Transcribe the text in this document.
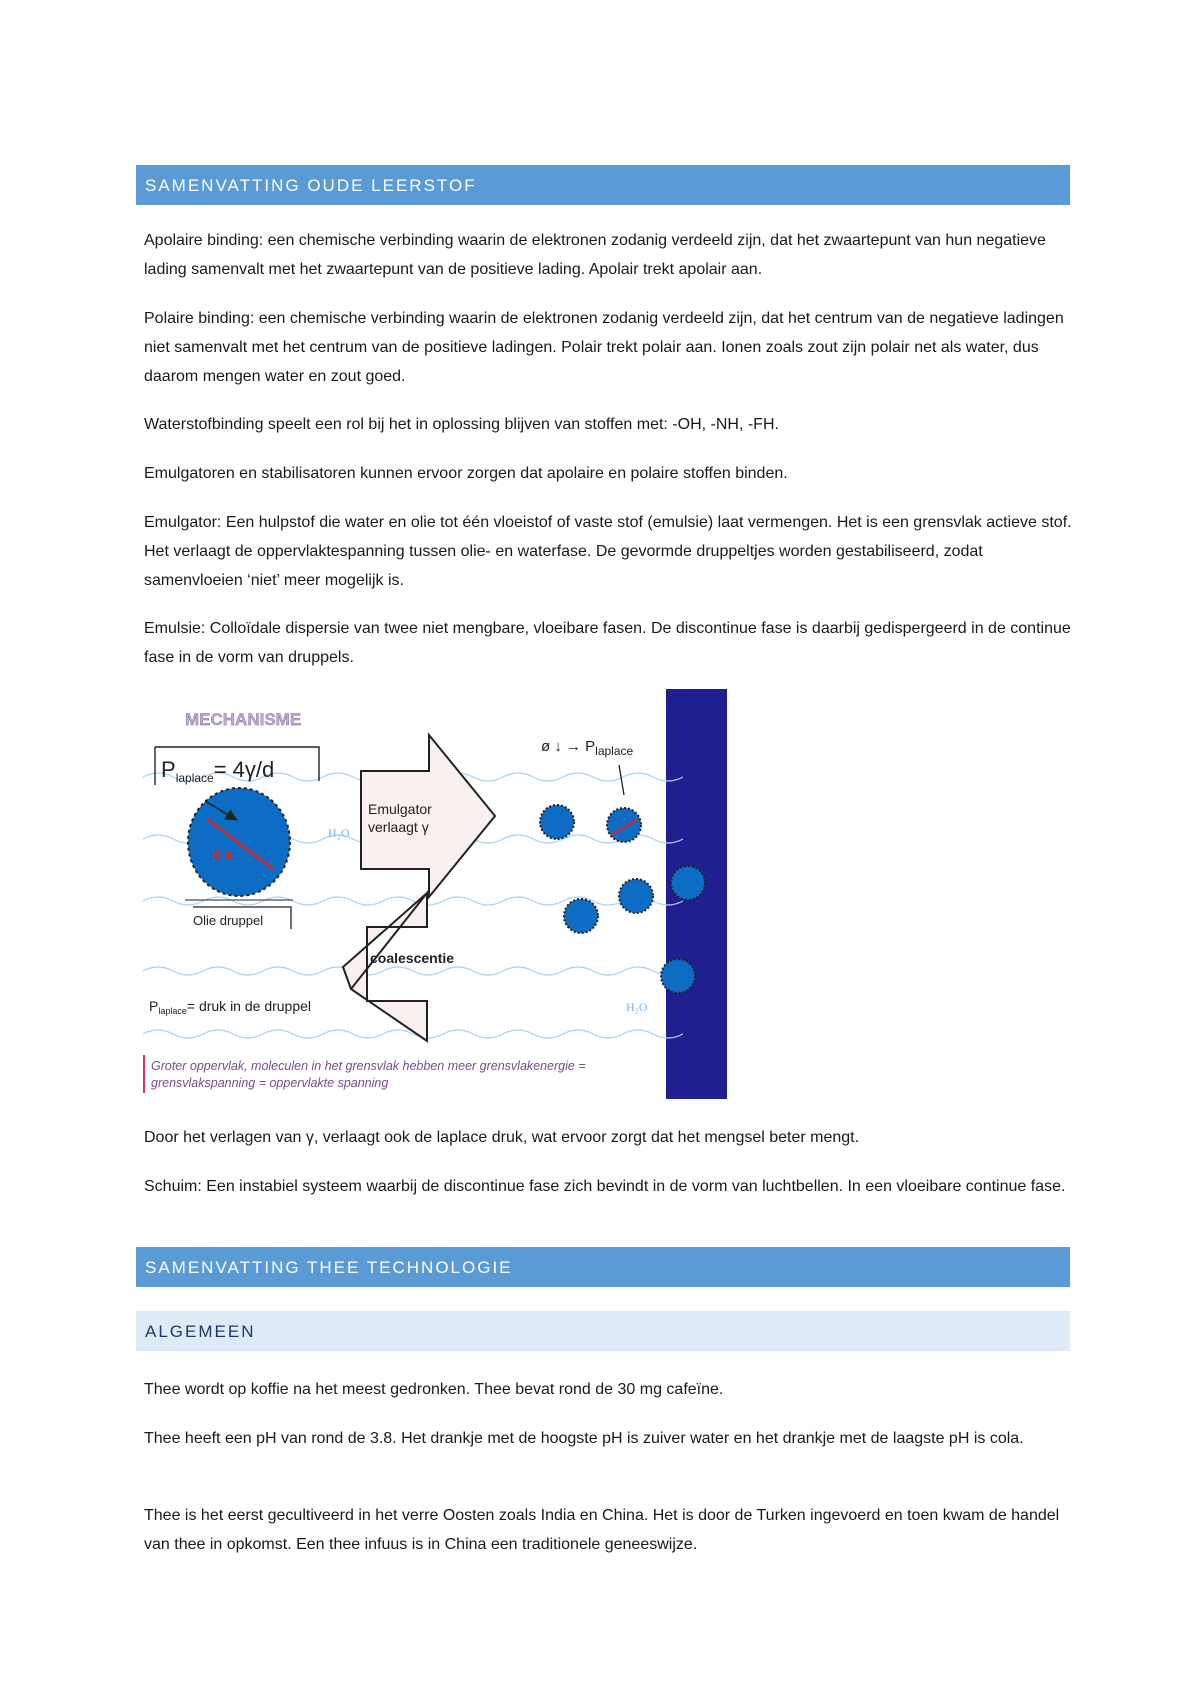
SAMENVATTING OUDE LEERSTOF

Apolaire binding: een chemische verbinding waarin de elektronen zodanig verdeeld zijn, dat het zwaartepunt van hun negatieve lading samenvalt met het zwaartepunt van de positieve lading. Apolair trekt apolair aan.

Polaire binding: een chemische verbinding waarin de elektronen zodanig verdeeld zijn, dat het centrum van de negatieve ladingen niet samenvalt met het centrum van de positieve ladingen. Polair trekt polair aan. Ionen zoals zout zijn polair net als water, dus daarom mengen water en zout goed.

Waterstofbinding speelt een rol bij het in oplossing blijven van stoffen met: -OH, -NH, -FH.

Emulgatoren en stabilisatoren kunnen ervoor zorgen dat apolaire en polaire stoffen binden.

Emulgator: Een hulpstof die water en olie tot één vloeistof of vaste stof (emulsie) laat vermengen. Het is een grensvlak actieve stof. Het verlaagt de oppervlaktespanning tussen olie- en waterfase. De gevormde druppeltjes worden gestabiliseerd, zodat samenvloeien ‘niet’ meer mogelijk is.

Emulsie: Colloïdale dispersie van twee niet mengbare, vloeibare fasen. De discontinue fase is daarbij gedispergeerd in de continue fase in de vorm van druppels.

MECHANISME
$P_{laplace}= 4\gamma/d$
d ø
H₂O
Olie druppel
Emulgator verlaagt γ
coalescentie
$P_{laplace}=$ druk in de druppel
ø ↓ → $P_{laplace}$
H₂O
Groter oppervlak, moleculen in het grensvlak hebben meer grensvlakenergie =
grensvlakspanning = oppervlakte spanning

Door het verlagen van γ, verlaagt ook de laplace druk, wat ervoor zorgt dat het mengsel beter mengt.

Schuim: Een instabiel systeem waarbij de discontinue fase zich bevindt in de vorm van luchtbellen. In een vloeibare continue fase.

SAMENVATTING THEE TECHNOLOGIE
ALGEMEEN

Thee wordt op koffie na het meest gedronken. Thee bevat rond de 30 mg cafeïne.

Thee heeft een pH van rond de 3.8. Het drankje met de hoogste pH is zuiver water en het drankje met de laagste pH is cola.

Thee is het eerst gecultiveerd in het verre Oosten zoals India en China. Het is door de Turken ingevoerd en toen kwam de handel van thee in opkomst. Een thee infuus is in China een traditionele geneeswijze.
